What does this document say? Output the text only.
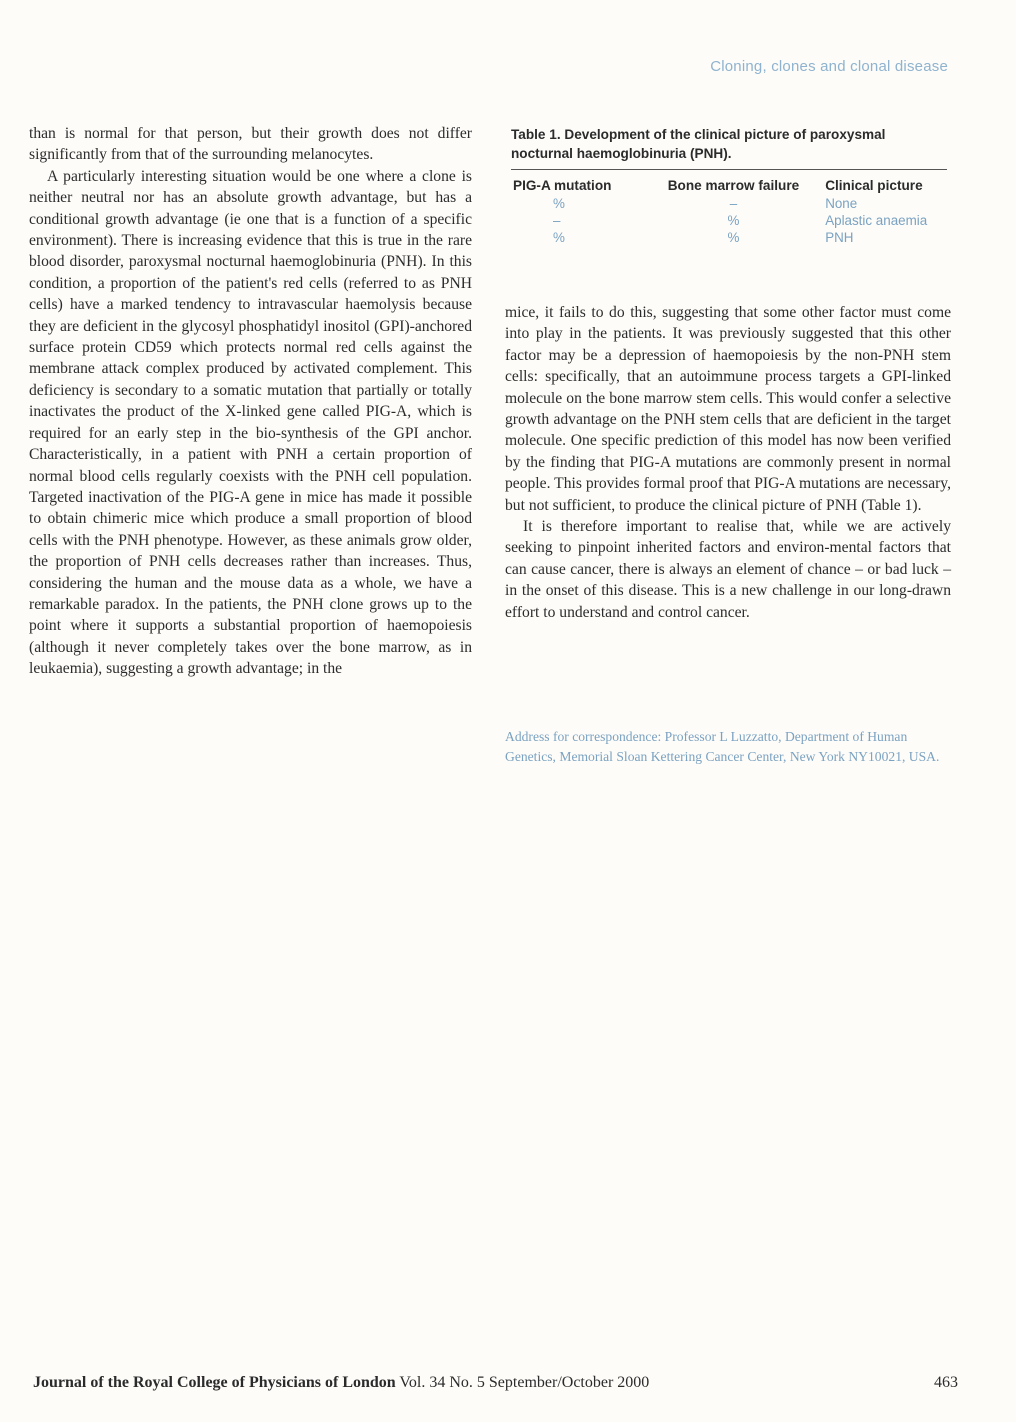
Cloning, clones and clonal disease

than is normal for that person, but their growth does not differ significantly from that of the surrounding melanocytes.

A particularly interesting situation would be one where a clone is neither neutral nor has an absolute growth advantage, but has a conditional growth advantage (ie one that is a function of a specific environment). There is increasing evidence that this is true in the rare blood disorder, paroxysmal nocturnal haemoglobinuria (PNH). In this condition, a proportion of the patient's red cells (referred to as PNH cells) have a marked tendency to intravascular haemolysis because they are deficient in the glycosyl phosphatidyl inositol (GPI)-anchored surface protein CD59 which protects normal red cells against the membrane attack complex produced by activated complement. This deficiency is secondary to a somatic mutation that partially or totally inactivates the product of the X-linked gene called PIG-A, which is required for an early step in the bio-synthesis of the GPI anchor. Characteristically, in a patient with PNH a certain proportion of normal blood cells regularly coexists with the PNH cell population. Targeted inactivation of the PIG-A gene in mice has made it possible to obtain chimeric mice which produce a small proportion of blood cells with the PNH phenotype. However, as these animals grow older, the proportion of PNH cells decreases rather than increases. Thus, considering the human and the mouse data as a whole, we have a remarkable paradox. In the patients, the PNH clone grows up to the point where it supports a substantial proportion of haemopoiesis (although it never completely takes over the bone marrow, as in leukaemia), suggesting a growth advantage; in the

Table 1. Development of the clinical picture of paroxysmal nocturnal haemoglobinuria (PNH).
PIG-A mutation	Bone marrow failure	Clinical picture
%	–	None
–	%	Aplastic anaemia
%	%	PNH

mice, it fails to do this, suggesting that some other factor must come into play in the patients. It was previously suggested that this other factor may be a depression of haemopoiesis by the non-PNH stem cells: specifically, that an autoimmune process targets a GPI-linked molecule on the bone marrow stem cells. This would confer a selective growth advantage on the PNH stem cells that are deficient in the target molecule. One specific prediction of this model has now been verified by the finding that PIG-A mutations are commonly present in normal people. This provides formal proof that PIG-A mutations are necessary, but not sufficient, to produce the clinical picture of PNH (Table 1).

It is therefore important to realise that, while we are actively seeking to pinpoint inherited factors and environ-mental factors that can cause cancer, there is always an element of chance – or bad luck – in the onset of this disease. This is a new challenge in our long-drawn effort to understand and control cancer.

Address for correspondence: Professor L Luzzatto, Department of Human Genetics, Memorial Sloan Kettering Cancer Center, New York NY10021, USA.
Journal of the Royal College of Physicians of London Vol. 34 No. 5 September/October 2000	463
